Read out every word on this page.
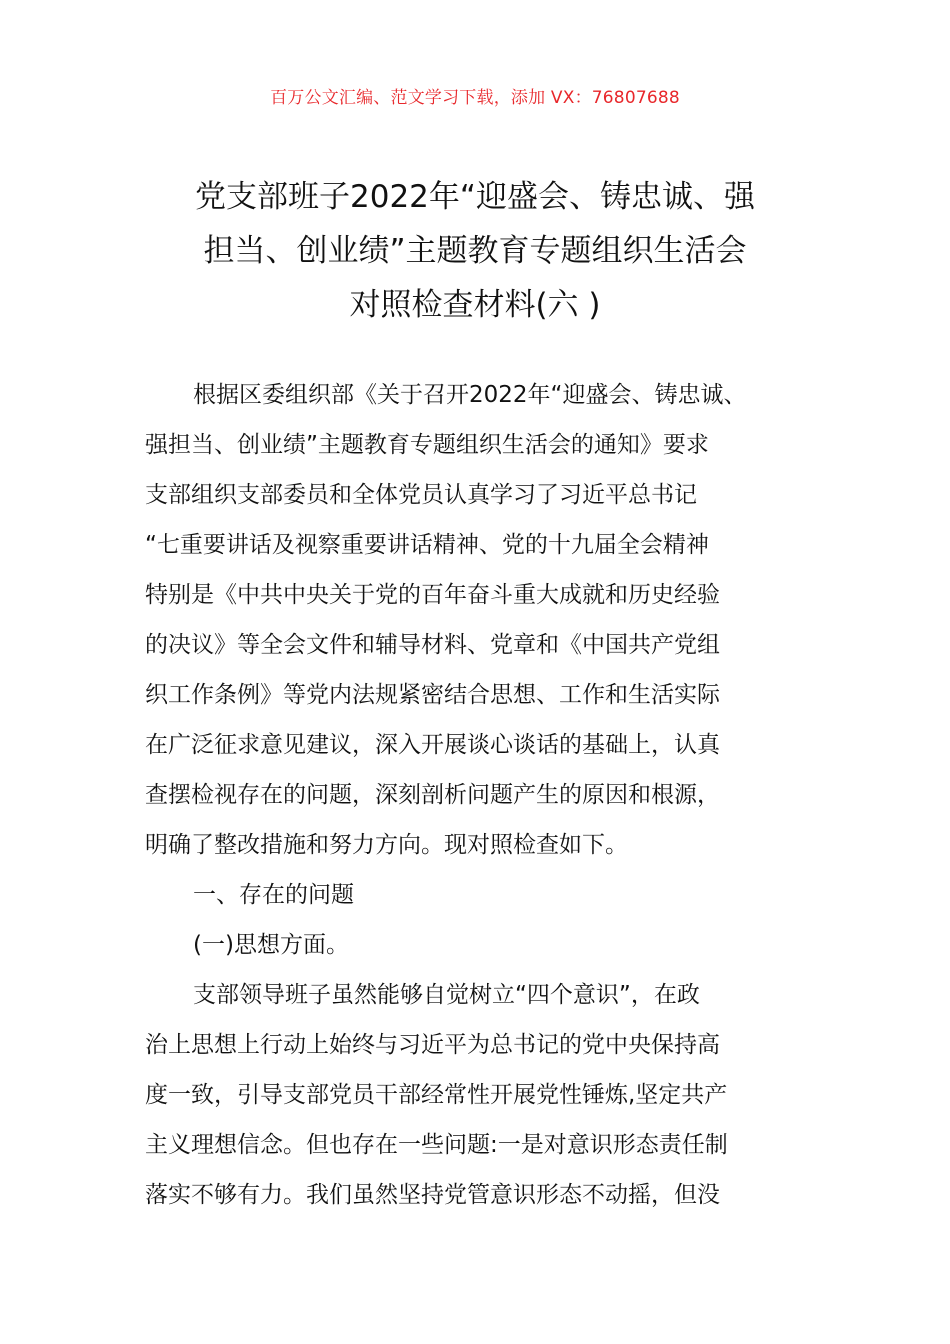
百万公文汇编、范文学习下载，添加 VX：76807688
党支部班子2022年“迎盛会、铸忠诚、强
担当、创业绩”主题教育专题组织生活会
对照检查材料(六 )
根据区委组织部《关于召开2022年“迎盛会、铸忠诚、
强担当、创业绩”主题教育专题组织生活会的通知》要求
支部组织支部委员和全体党员认真学习了习近平总书记
“七重要讲话及视察重要讲话精神、党的十九届全会精神
特别是《中共中央关于党的百年奋斗重大成就和历史经验
的决议》等全会文件和辅导材料、党章和《中国共产党组
织工作条例》等党内法规紧密结合思想、工作和生活实际
在广泛征求意见建议，深入开展谈心谈话的基础上，认真
查摆检视存在的问题，深刻剖析问题产生的原因和根源，
明确了整改措施和努力方向。现对照检查如下。
一、存在的问题
(一)思想方面。
支部领导班子虽然能够自觉树立“四个意识”，在政
治上思想上行动上始终与习近平为总书记的党中央保持高
度一致，引导支部党员干部经常性开展党性锤炼,坚定共产
主义理想信念。但也存在一些问题:一是对意识形态责任制
落实不够有力。我们虽然坚持党管意识形态不动摇，但没
